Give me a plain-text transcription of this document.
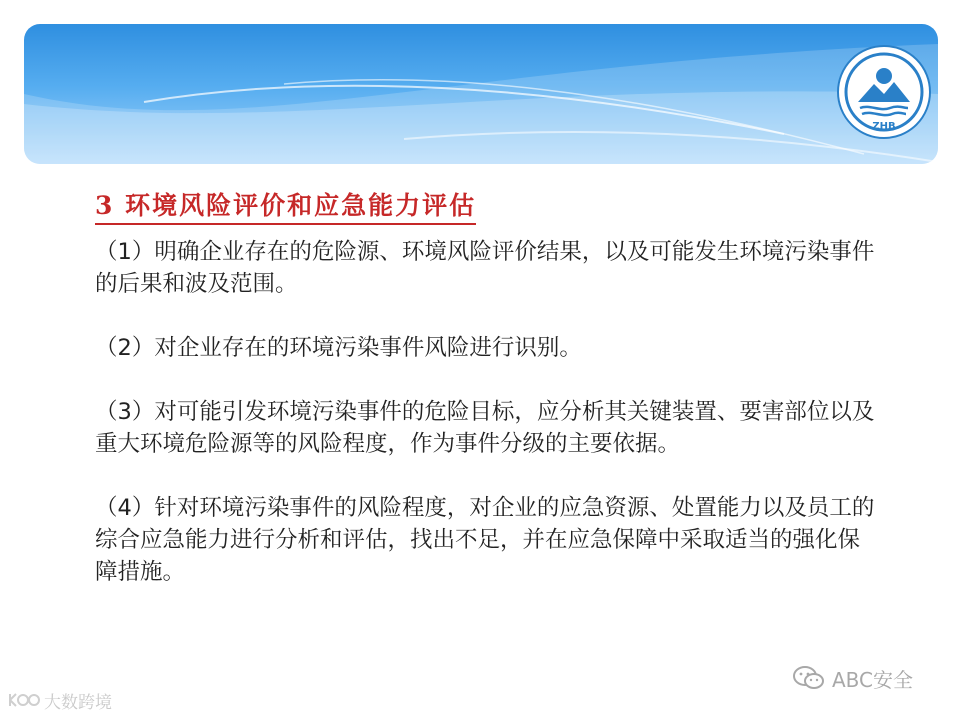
ZHB
3 环境风险评价和应急能力评估

（1）明确企业存在的危险源、环境风险评价结果，以及可能发生环境污染事件的后果和波及范围。

（2）对企业存在的环境污染事件风险进行识别。

（3）对可能引发环境污染事件的危险目标，应分析其关键装置、要害部位以及重大环境危险源等的风险程度，作为事件分级的主要依据。

（4）针对环境污染事件的风险程度，对企业的应急资源、处置能力以及员工的综合应急能力进行分析和评估，找出不足，并在应急保障中采取适当的强化保障措施。

大数跨境
ABC安全
